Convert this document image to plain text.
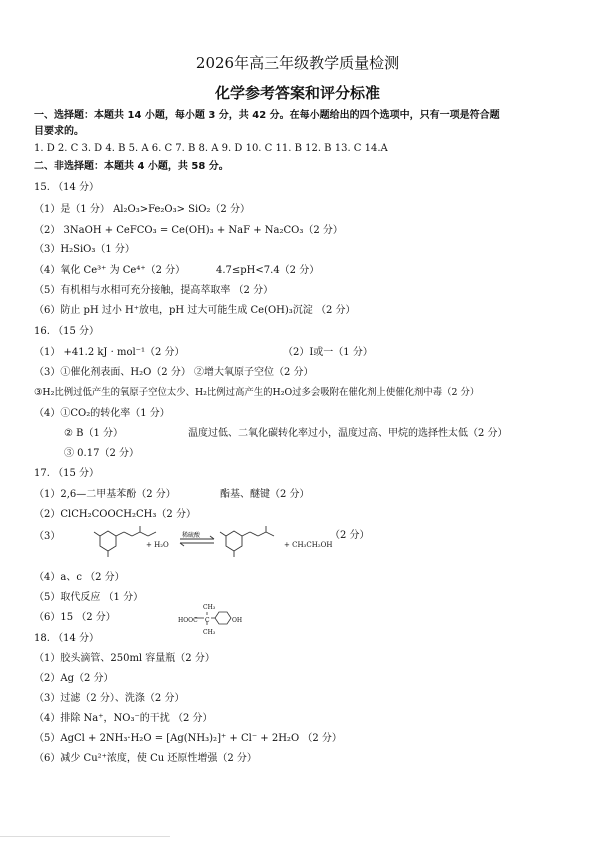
2026年高三年级教学质量检测
化学参考答案和评分标准
一、选择题：本题共 14 小题，每小题 3 分，共 42 分。在每小题给出的四个选项中，只有一项是符合题
目要求的。
1. D 2. C 3. D 4. B 5. A 6. C 7. B 8. A 9. D 10. C 11. B 12. B 13. C 14.A
二、非选择题：本题共 4 小题，共 58 分。
15. （14 分）
（1）是（1 分） Al₂O₃>Fe₂O₃> SiO₂（2 分）
（2） 3NaOH + CeFCO₃ = Ce(OH)₃ + NaF + Na₂CO₃（2 分）
（3）H₂SiO₃（1 分）
（4）氧化 Ce³⁺ 为 Ce⁴⁺（2 分）	4.7≤pH<7.4（2 分）
（5）有机相与水相可充分接触，提高萃取率 （2 分）
（6）防止 pH 过小 H⁺放电，pH 过大可能生成 Ce(OH)₃沉淀 （2 分）
16. （15 分）
（1） +41.2 kJ · mol⁻¹（2 分）	（2）Ⅰ或一（1 分）
（3）①催化剂表面、H₂O（2 分） ②增大氧原子空位（2 分）
③H₂比例过低产生的氧原子空位太少、H₂比例过高产生的H₂O过多会吸附在催化剂上使催化剂中毒（2 分）
（4）①CO₂的转化率（1 分）
② B（1 分）	温度过低、二氧化碳转化率过小，温度过高、甲烷的选择性太低（2 分）
③ 0.17（2 分）
17. （15 分）
（1）2,6—二甲基苯酚（2 分）	酯基、醚键（2 分）
（2）ClCH₂COOCH₂CH₃（2 分）
（3）	稀硫酸
+ H₂O	+ CH₃CH₂OH
（2 分）
（4）a、c （2 分）
（5）取代反应 （1 分）
（6）15 （2 分）	HOOC
CH₃
C
CH₃
OH
18. （14 分）
（1）胶头滴管、250ml 容量瓶（2 分）
（2）Ag（2 分）
（3）过滤（2 分）、洗涤（2 分）
（4）排除 Na⁺，NO₃⁻的干扰 （2 分）
（5）AgCl + 2NH₃·H₂O = [Ag(NH₃)₂]⁺ + Cl⁻ + 2H₂O （2 分）
（6）减少 Cu²⁺浓度，使 Cu 还原性增强（2 分）
